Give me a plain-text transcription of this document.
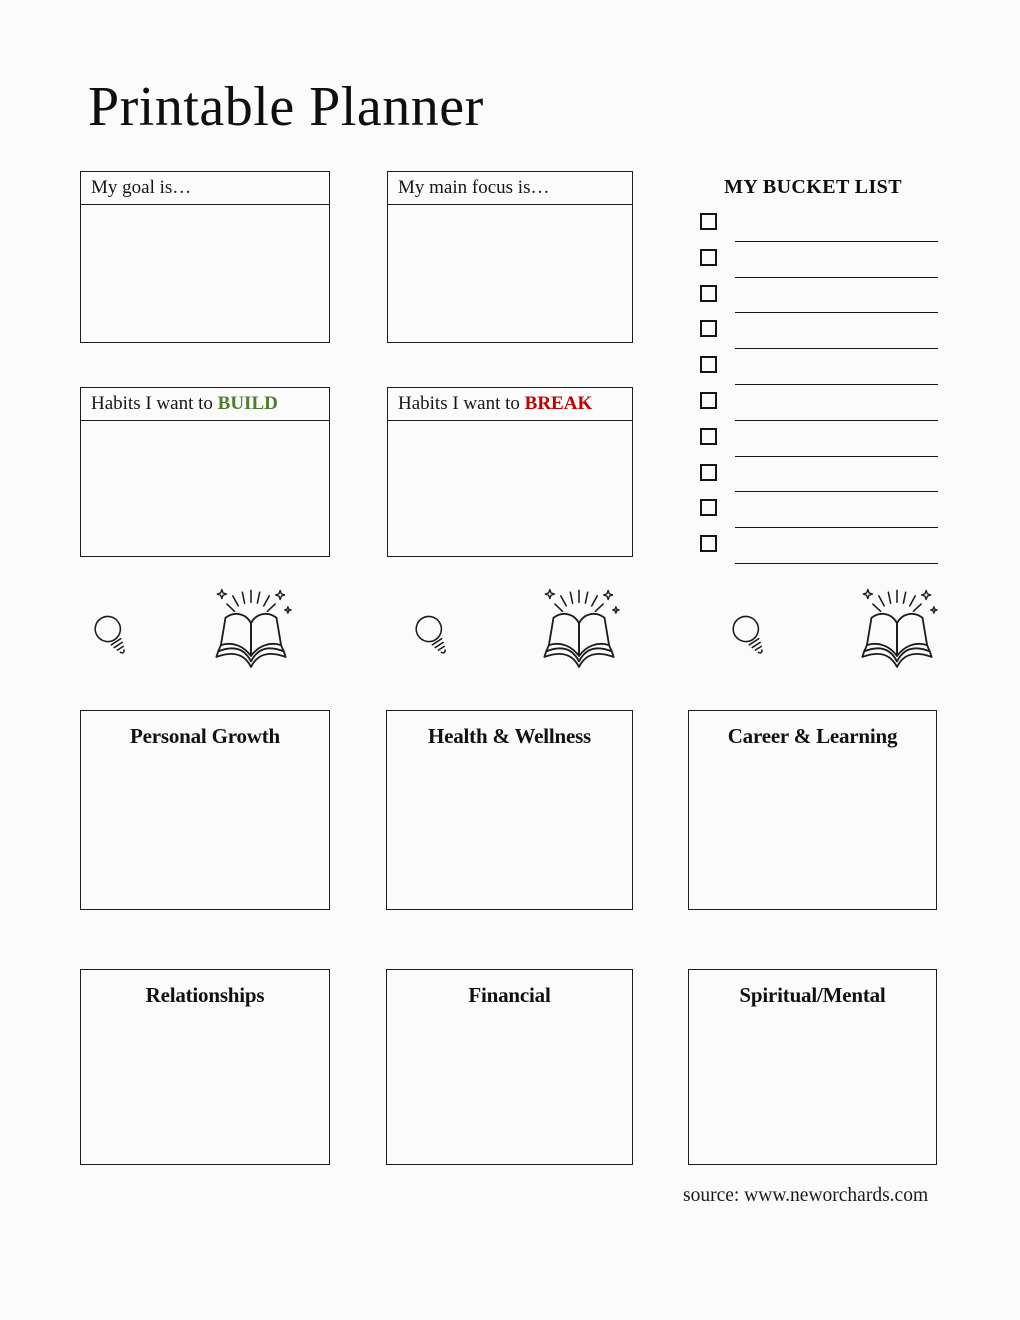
Printable Planner
My goal is…	My main focus is…	MY BUCKET LIST
Habits I want to BUILD	Habits I want to BREAK
Personal Growth	Health & Wellness	Career & Learning
Relationships	Financial	Spiritual/Mental
source: www.neworchards.com
